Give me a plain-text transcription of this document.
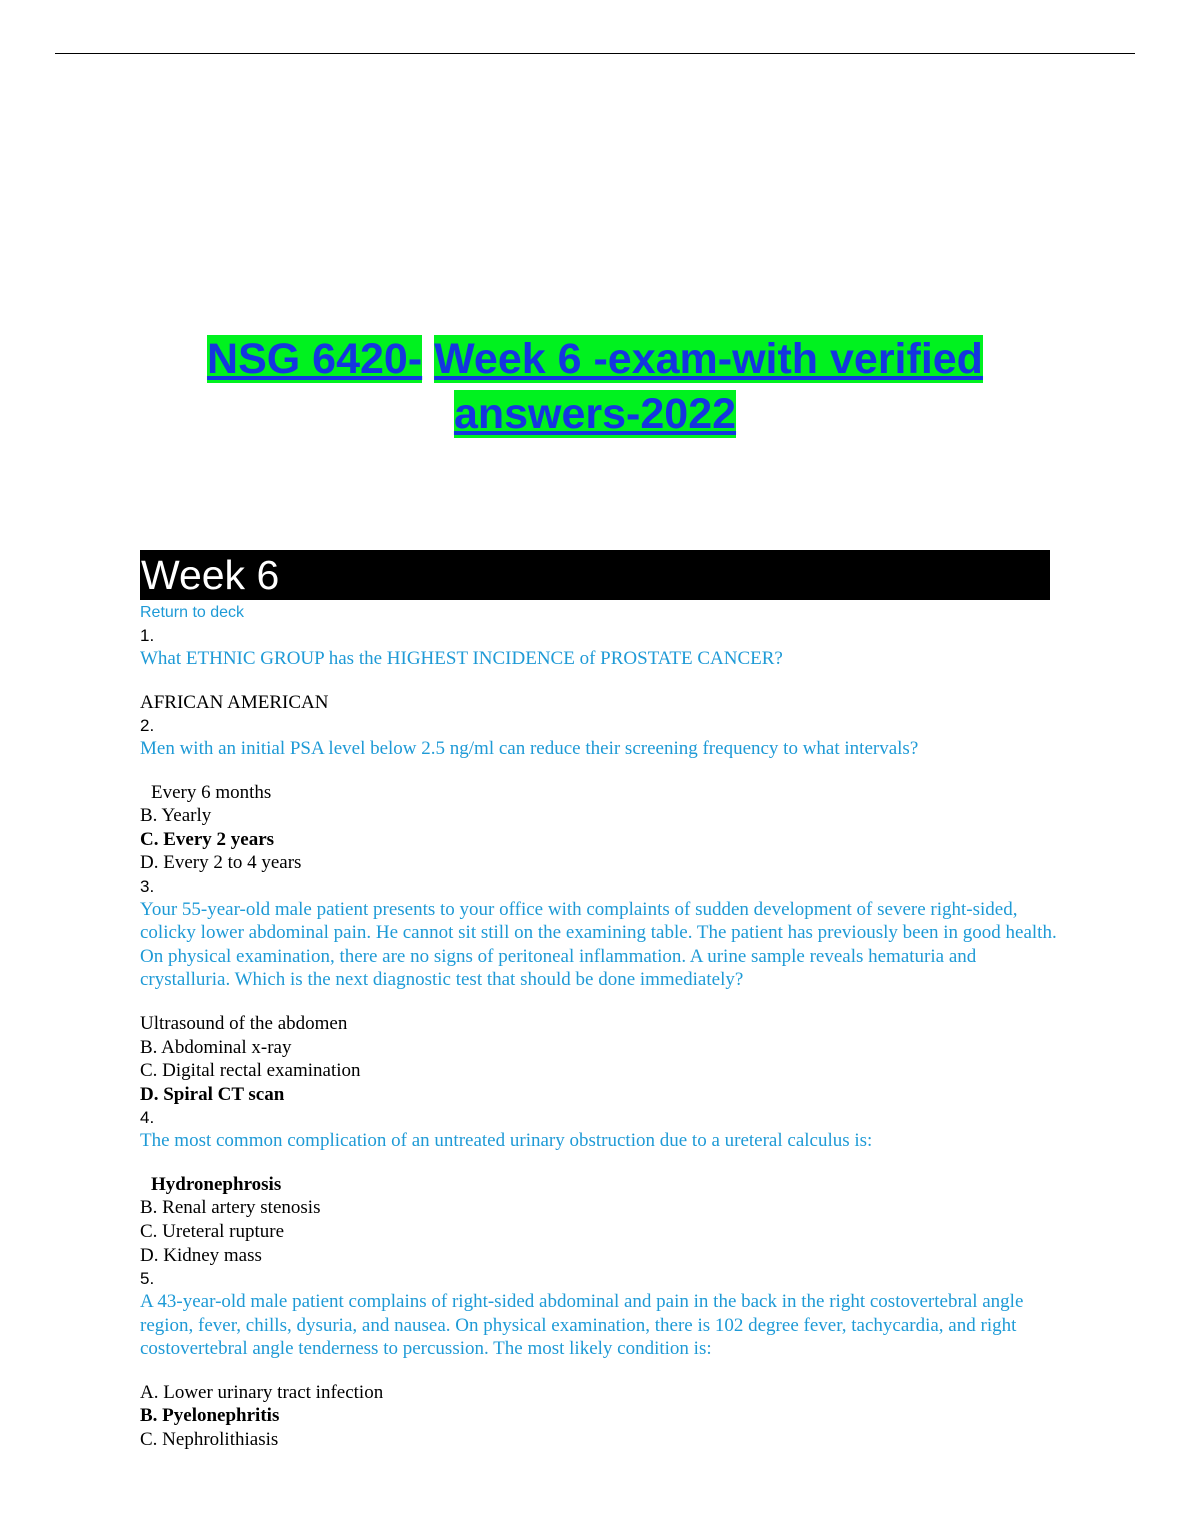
NSG 6420- Week 6 -exam-with verified
answers-2022
Week 6
Return to deck
1.
What ETHNIC GROUP has the HIGHEST INCIDENCE of PROSTATE CANCER?
AFRICAN AMERICAN
2.
Men with an initial PSA level below 2.5 ng/ml can reduce their screening frequency to what intervals?
Every 6 months
B. Yearly
C. Every 2 years
D. Every 2 to 4 years
3.
Your 55-year-old male patient presents to your office with complaints of sudden development of severe right-sided, colicky lower abdominal pain. He cannot sit still on the examining table. The patient has previously been in good health. On physical examination, there are no signs of peritoneal inflammation. A urine sample reveals hematuria and crystalluria. Which is the next diagnostic test that should be done immediately?
Ultrasound of the abdomen
B. Abdominal x-ray
C. Digital rectal examination
D. Spiral CT scan
4.
The most common complication of an untreated urinary obstruction due to a ureteral calculus is:
Hydronephrosis
B. Renal artery stenosis
C. Ureteral rupture
D. Kidney mass
5.
A 43-year-old male patient complains of right-sided abdominal and pain in the back in the right costovertebral angle region, fever, chills, dysuria, and nausea. On physical examination, there is 102 degree fever, tachycardia, and right costovertebral angle tenderness to percussion. The most likely condition is:
A. Lower urinary tract infection
B. Pyelonephritis
C. Nephrolithiasis
